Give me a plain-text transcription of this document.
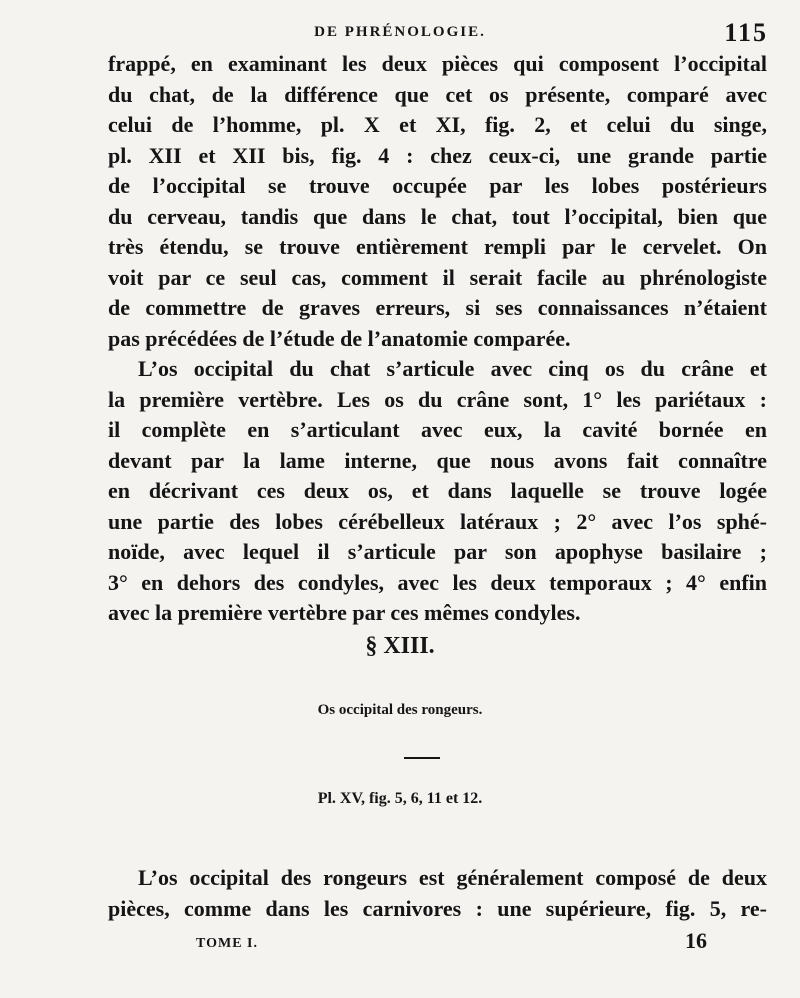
DE PHRÉNOLOGIE.	115
frappé, en examinant les deux pièces qui composent l’occipital
du chat, de la différence que cet os présente, comparé avec
celui de l’homme, pl. X et XI, fig. 2, et celui du singe,
pl. XII et XII bis, fig. 4 : chez ceux-ci, une grande partie
de l’occipital se trouve occupée par les lobes postérieurs
du cerveau, tandis que dans le chat, tout l’occipital, bien que
très étendu, se trouve entièrement rempli par le cervelet. On
voit par ce seul cas, comment il serait facile au phrénologiste
de commettre de graves erreurs, si ses connaissances n’étaient
pas précédées de l’étude de l’anatomie comparée.
L’os occipital du chat s’articule avec cinq os du crâne et
la première vertèbre. Les os du crâne sont, 1° les pariétaux :
il complète en s’articulant avec eux, la cavité bornée en
devant par la lame interne, que nous avons fait connaître
en décrivant ces deux os, et dans laquelle se trouve logée
une partie des lobes cérébelleux latéraux ; 2° avec l’os sphé-
noïde, avec lequel il s’articule par son apophyse basilaire ;
3° en dehors des condyles, avec les deux temporaux ; 4° enfin
avec la première vertèbre par ces mêmes condyles.
§ XIII.
Os occipital des rongeurs.
Pl. XV, fig. 5, 6, 11 et 12.
L’os occipital des rongeurs est généralement composé de deux
pièces, comme dans les carnivores : une supérieure, fig. 5, re-
TOME I.	16
